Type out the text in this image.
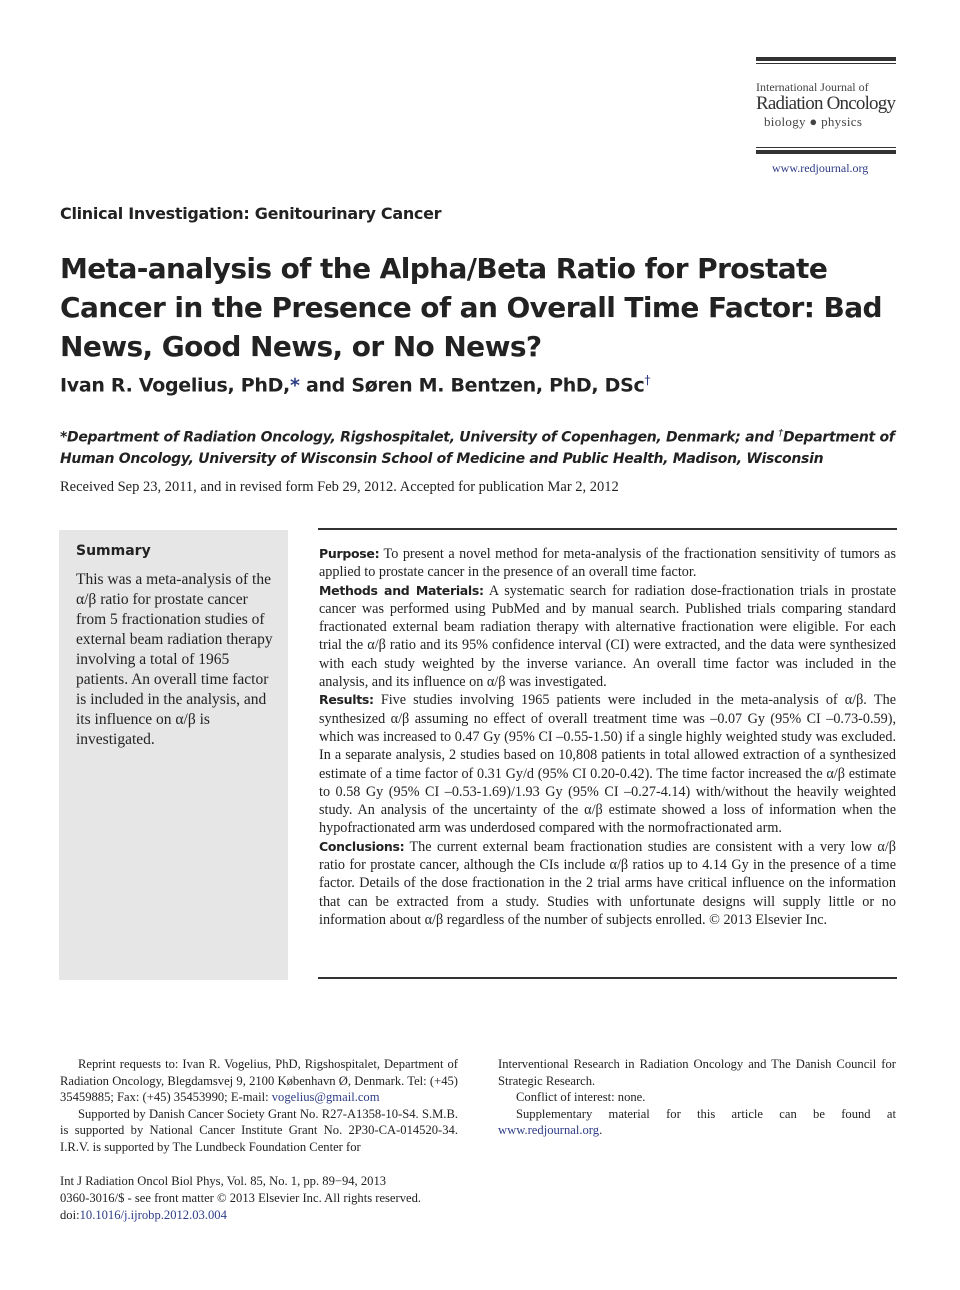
International Journal of
Radiation Oncology
biology ● physics
www.redjournal.org
Clinical Investigation: Genitourinary Cancer
Meta-analysis of the Alpha/Beta Ratio for Prostate Cancer in the Presence of an Overall Time Factor: Bad News, Good News, or No News?
Ivan R. Vogelius, PhD,* and Søren M. Bentzen, PhD, DSc†
*Department of Radiation Oncology, Rigshospitalet, University of Copenhagen, Denmark; and †Department of Human Oncology, University of Wisconsin School of Medicine and Public Health, Madison, Wisconsin
Received Sep 23, 2011, and in revised form Feb 29, 2012. Accepted for publication Mar 2, 2012
Summary
This was a meta-analysis of the α/β ratio for prostate cancer from 5 fractionation studies of external beam radiation therapy involving a total of 1965 patients. An overall time factor is included in the analysis, and its influence on α/β is investigated.

Purpose: To present a novel method for meta-analysis of the fractionation sensitivity of tumors as applied to prostate cancer in the presence of an overall time factor.

Methods and Materials: A systematic search for radiation dose-fractionation trials in prostate cancer was performed using PubMed and by manual search. Published trials comparing standard fractionated external beam radiation therapy with alternative fractionation were eligible. For each trial the α/β ratio and its 95% confidence interval (CI) were extracted, and the data were synthesized with each study weighted by the inverse variance. An overall time factor was included in the analysis, and its influence on α/β was investigated.

Results: Five studies involving 1965 patients were included in the meta-analysis of α/β. The synthesized α/β assuming no effect of overall treatment time was –0.07 Gy (95% CI –0.73-0.59), which was increased to 0.47 Gy (95% CI –0.55-1.50) if a single highly weighted study was excluded. In a separate analysis, 2 studies based on 10,808 patients in total allowed extraction of a synthesized estimate of a time factor of 0.31 Gy/d (95% CI 0.20-0.42). The time factor increased the α/β estimate to 0.58 Gy (95% CI –0.53-1.69)/1.93 Gy (95% CI –0.27-4.14) with/without the heavily weighted study. An analysis of the uncertainty of the α/β estimate showed a loss of information when the hypofractionated arm was underdosed compared with the normofractionated arm.

Conclusions: The current external beam fractionation studies are consistent with a very low α/β ratio for prostate cancer, although the CIs include α/β ratios up to 4.14 Gy in the presence of a time factor. Details of the dose fractionation in the 2 trial arms have critical influence on the information that can be extracted from a study. Studies with unfortunate designs will supply little or no information about α/β regardless of the number of subjects enrolled. © 2013 Elsevier Inc.

Reprint requests to: Ivan R. Vogelius, PhD, Rigshospitalet, Department of Radiation Oncology, Blegdamsvej 9, 2100 København Ø, Denmark. Tel: (+45) 35459885; Fax: (+45) 35453990; E-mail: vogelius@gmail.com

Supported by Danish Cancer Society Grant No. R27-A1358-10-S4. S.M.B. is supported by National Cancer Institute Grant No. 2P30-CA-014520-34. I.R.V. is supported by The Lundbeck Foundation Center for

Interventional Research in Radiation Oncology and The Danish Council for Strategic Research.

Conflict of interest: none.

Supplementary material for this article can be found at www.redjournal.org.

Int J Radiation Oncol Biol Phys, Vol. 85, No. 1, pp. 89−94, 2013

0360-3016/$ - see front matter © 2013 Elsevier Inc. All rights reserved.

doi:10.1016/j.ijrobp.2012.03.004
